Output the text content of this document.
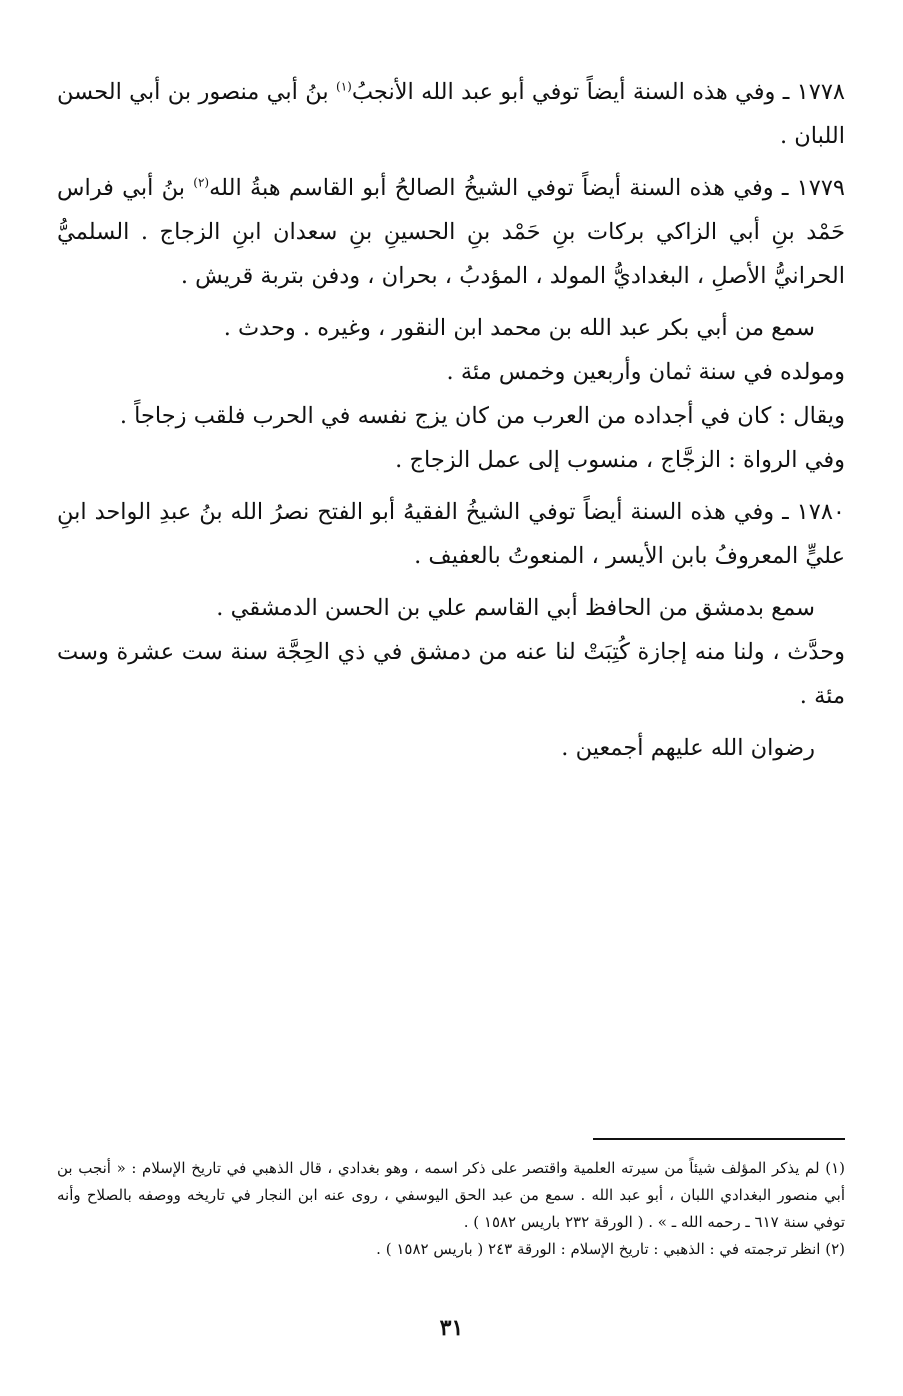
١٧٧٨ ـ وفي هذه السنة أيضاً توفي أبو عبد الله الأنجبُ$^{(١)}$ بنُ أبي منصور بن أبي الحسن اللبان .

١٧٧٩ ـ وفي هذه السنة أيضاً توفي الشيخُ الصالحُ أبو القاسم هبةُ الله$^{(٢)}$ بنُ أبي فراس حَمْد بنِ أبي الزاكي بركات بنِ حَمْد بنِ الحسينِ بنِ سعدان ابنِ الزجاج . السلميُّ الحرانيُّ الأصلِ ، البغداديُّ المولد ، المؤدبُ ، بحران ، ودفن بتربة قريش .

سمع من أبي بكر عبد الله بن محمد ابن النقور ، وغيره . وحدث .

ومولده في سنة ثمان وأربعين وخمس مئة .

ويقال : كان في أجداده من العرب من كان يزج نفسه في الحرب فلقب زجاجاً .

وفي الرواة : الزجَّاج ، منسوب إلى عمل الزجاج .

١٧٨٠ ـ وفي هذه السنة أيضاً توفي الشيخُ الفقيهُ أبو الفتح نصرُ الله بنُ عبدِ الواحد ابنِ عليٍّ المعروفُ بابن الأيسر ، المنعوتُ بالعفيف .

سمع بدمشق من الحافظ أبي القاسم علي بن الحسن الدمشقي .

وحدَّث ، ولنا منه إجازة كُتِبَتْ لنا عنه من دمشق في ذي الحِجَّة سنة ست عشرة وست مئة .

رضوان الله عليهم أجمعين .

(١) لم يذكر المؤلف شيئاً من سيرته العلمية واقتصر على ذكر اسمه ، وهو بغدادي ، قال الذهبي في تاريخ الإسلام : « أنجب بن أبي منصور البغدادي اللبان ، أبو عبد الله . سمع من عبد الحق اليوسفي ، روى عنه ابن النجار في تاريخه ووصفه بالصلاح وأنه توفي سنة ٦١٧ ـ رحمه الله ـ » . ( الورقة ٢٣٢ باريس ١٥٨٢ ) .

(٢) انظر ترجمته في : الذهبي : تاريخ الإسلام : الورقة ٢٤٣ ( باريس ١٥٨٢ ) .

٣١
